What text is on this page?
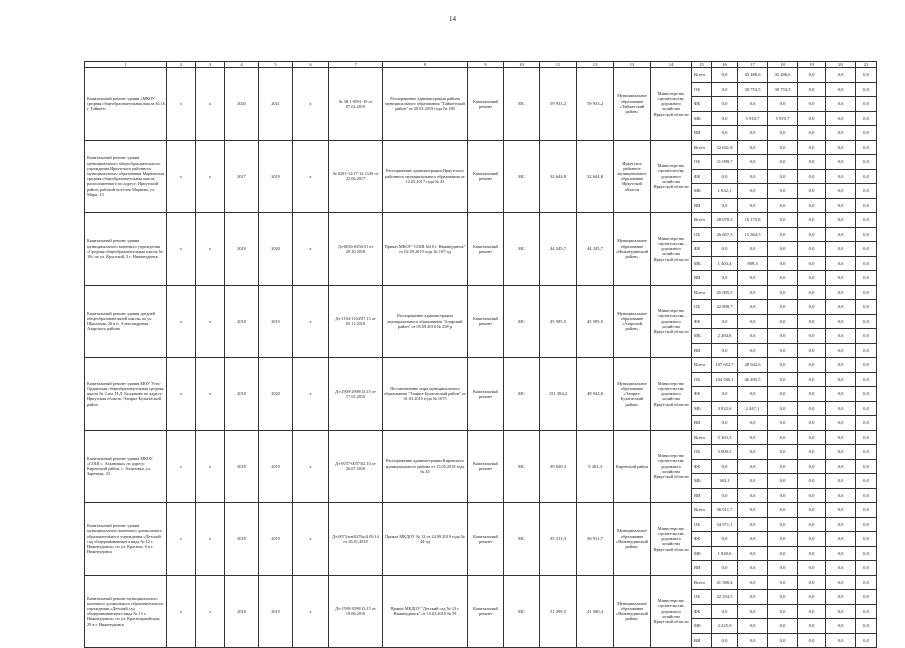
14
1	2	3	4	5	6	7	8	9	10	11	12	13	14	15	16	17	18	19	20	21
Капитальный ремонт здания «МКОУ средняя общеобразовательная школа № 16 г. Тайшет»	x	x	2020	2021	x	№ 38-1-0091-19 от 07.02.2019	Распоряжение администрации района муниципального образования "Тайшетский район" от 20.02.2019 года № 180	Капитальный ремонт	МС	59 933,2	59 933,2	Муниципальное образование «Тайшетский район»	Министерство строительства, дорожного хозяйства Иркутской области	Всего	0,0	45 486,6	45 486,6	0,0	0,0	0,0
														ОБ	0,0	39 753,5	39 753,5	0,0	0,0	0,0
														ФБ	0,0	0,0	0,0	0,0	0,0	0,0
														МБ	0,0	5 910,7	5 910,7	0,0	0,0	0,0
														ВИ	0,0	0,0	0,0	0,0	0,0	0,0
Капитальный ремонт здания муниципального общеобразовательного учреждения Иркутского районного муниципального образования Марковская средняя общеобразовательная школа, расположенного по адресу: Иркутский район, рабочий поселок Маркова, ул. Мира, 13	x	x	2017	2019	x	№ 0291-12/17-12-1149 от 25.06.2017	Распоряжение администрации Иркутского районного муниципального образования от 12.03.2017 года № 43	Капитальный ремонт	МС	32 644,8	32 644,8	Иркутское районное муниципальное образование Иркутской области	Министерство строительства, дорожного хозяйства Иркутской области	Всего	32 641,8	0,0	0,0	0,0	0,0	0,0
														ОБ	31 099,7	0,0	0,0	0,0	0,0	0,0
														ФБ	0,0	0,0	0,0	0,0	0,0	0,0
														МБ	1 632,1	0,0	0,0	0,0	0,0	0,0
														ВИ	0,0	0,0	0,0	0,0	0,0	0,0
Капитальный ремонт здания муниципального казенного учреждения «Средняя общеобразовательная школа № 10» по ул. Крупской, 3 г. Нижнеудинск	x	x	2018	2020	x	Дз-0036-0356/31 от 29.10.2018	Приказ МКОУ "СОШ №10 г. Нижнеудинск" от 02.09.2019 года № 107-од	Капитальный ремонт	МС	44 245,7	44 245,7	Муниципальное образование «Нижнеудинский район»	Министерство строительства, дорожного хозяйства Иркутской области	Всего	28 070,3	16 173,8	0,0	0,0	0,0	0,0
														ОБ	26 667,3	15 364,5	0,0	0,0	0,0	0,0
														ФБ	0,0	0,0	0,0	0,0	0,0	0,0
														МБ	1 403,4	809,3	0,0	0,0	0,0	0,0
														ВИ	0,0	0,0	0,0	0,0	0,0	0,0
Капитальный ремонт здания средней общеобразовательной школы по ул. Школьная, 26 в п. Александровка Аларского района	x	x	2018	2019	x	Дз-1104-1104/07.13 от 05.11.2018	Распоряжение администрации муниципального образования "Аларский район" от 05.09.2016 № 258-р	Капитальный ремонт	МС	45 585,5	45 585,5	Муниципальное образование «Аларский район»	Министерство строительства, дорожного хозяйства Иркутской области	Всего	45 085,5	0,0	0,0	0,0	0,0	0,0
														ОБ	42 800,7	0,0	0,0	0,0	0,0	0,0
														ФБ	0,0	0,0	0,0	0,0	0,0	0,0
														МБ	2 284,8	0,0	0,0	0,0	0,0	0,0
														ВИ	0,0	0,0	0,0	0,0	0,0	0,0
Капитальный ремонт здания МОУ Усть-Ордынская общеобразовательная средняя школа № 2 им. Н.Д. Балдакова по адресу: Иркутская область, Эхирит-Булагатский район	x	x	2018	2020	x	Дз-2909-2909/13,15 от 17.03.2016	Постановление мэра муниципального образования "Эхирит-Булагатский район" от 31.03.2016 года № 1075	Капитальный ремонт	МС	151 384,2	48 942,6	Муниципальное образование «Эхирит-Булагатский район»	Министерство строительства, дорожного хозяйства Иркутской области	Всего	107 652,7	48 942,6	0,0	0,0	0,0	0,0
														ОБ	104 590,1	46 495,5	0,0	0,0	0,0	0,0
														ФБ	0,0	0,0	0,0	0,0	0,0	0,0
														МБ	3 022,6	2 447,1	0,0	0,0	0,0	0,0
														ВИ	0,0	0,0	0,0	0,0	0,0	0,0
Капитальный ремонт здания МКОУ «СОШ с. Ахыновка» по адресу: Киренский район, с. Ахыновка, ул. Заречная, 33	x	x	2018	2019	x	Дз-0037-0037/02.10 от 26.07.2016	Распоряжение администрации Киренского муниципального района от 13.05.2018 года № 45	Капитальный ремонт	МС	39 630,3	5 363,3	Киренский район	Министерство строительства, дорожного хозяйства Иркутской области	Всего	5 363,3	0,0	0,0	0,0	0,0	0,0
														ОБ	5 000,3	0,0	0,0	0,0	0,0	0,0
														ФБ	0,0	0,0	0,0	0,0	0,0	0,0
														МБ	363,1	0,0	0,0	0,0	0,0	0,0
														ВИ	0,0	0,0	0,0	0,0	0,0	0,0
Капитальный ремонт здания муниципального казенного дошкольного образовательного учреждения «Детский сад общеразвивающего вида № 12 г. Нижнеудинск» по ул. Краснов, 6 в г. Нижнеудинск	x	x	2018	2019	x	Дз-0073-ин/0276о/4 09.14 от 26.01.2018	Приказ МКДОУ № 12 от 24.09.2019 года № 44-од	Капитальный ремонт	МС	35 313,3	36 911,7	Муниципальное образование «Нижнеудинский район»	Министерство строительства, дорожного хозяйства Иркутской области	Всего	36 911,7	0,0	0,0	0,0	0,0	0,0
														ОБ	34 971,1	0,0	0,0	0,0	0,0	0,0
														ФБ	0,0	0,0	0,0	0,0	0,0	0,0
														МБ	1 840,6	0,0	0,0	0,0	0,0	0,0
														ВИ	0,0	0,0	0,0	0,0	0,0	0,0
Капитальный ремонт муниципального казенного дошкольного образовательного учреждения «Детский сад общеразвивающего вида № 13 г. Нижнеудинск» по ул. Красноармейская, 29 в г. Нижнеудинск	x	x	2018	2019	x	Дз-1599-3599/13,15 от 19.06.2018	Приказ МКДОУ "Детский сад № 13 г. Нижнеудинск" от 15.03.2018 № 59	Капитальный ремонт	МС	51 299,5	41 580,4	Муниципальное образование «Нижнеудинский район»	Министерство строительства, дорожного хозяйства Иркутской области	Всего	41 580,4	0,0	0,0	0,0	0,0	0,0
														ОБ	42 354,5	0,0	0,0	0,0	0,0	0,0
														ФБ	0,0	0,0	0,0	0,0	0,0	0,0
														МБ	2 225,9	0,0	0,0	0,0	0,0	0,0
														ВИ	0,0	0,0	0,0	0,0	0,0	0,0
